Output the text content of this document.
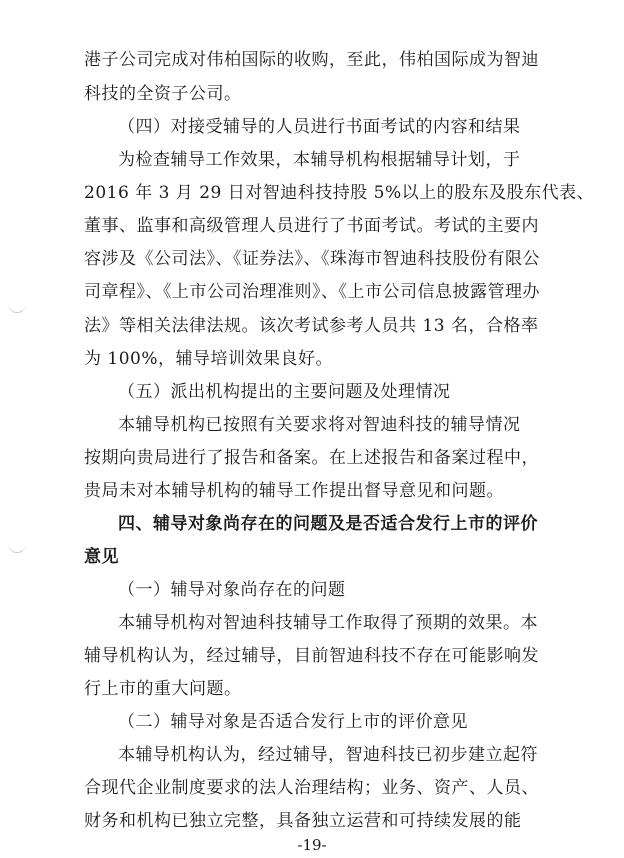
港子公司完成对伟柏国际的收购，至此，伟柏国际成为智迪
科技的全资子公司。
（四）对接受辅导的人员进行书面考试的内容和结果
为检查辅导工作效果，本辅导机构根据辅导计划，于
2016 年 3 月 29 日对智迪科技持股 5%以上的股东及股东代表、
董事、监事和高级管理人员进行了书面考试。考试的主要内
容涉及《公司法》、《证券法》、《珠海市智迪科技股份有限公
司章程》、《上市公司治理准则》、《上市公司信息披露管理办
法》等相关法律法规。该次考试参考人员共 13 名，合格率
为 100%，辅导培训效果良好。
（五）派出机构提出的主要问题及处理情况
本辅导机构已按照有关要求将对智迪科技的辅导情况
按期向贵局进行了报告和备案。在上述报告和备案过程中，
贵局未对本辅导机构的辅导工作提出督导意见和问题。
四、辅导对象尚存在的问题及是否适合发行上市的评价
意见
（一）辅导对象尚存在的问题
本辅导机构对智迪科技辅导工作取得了预期的效果。本
辅导机构认为，经过辅导，目前智迪科技不存在可能影响发
行上市的重大问题。
（二）辅导对象是否适合发行上市的评价意见
本辅导机构认为，经过辅导，智迪科技已初步建立起符
合现代企业制度要求的法人治理结构；业务、资产、人员、
财务和机构已独立完整，具备独立运营和可持续发展的能
-19-
